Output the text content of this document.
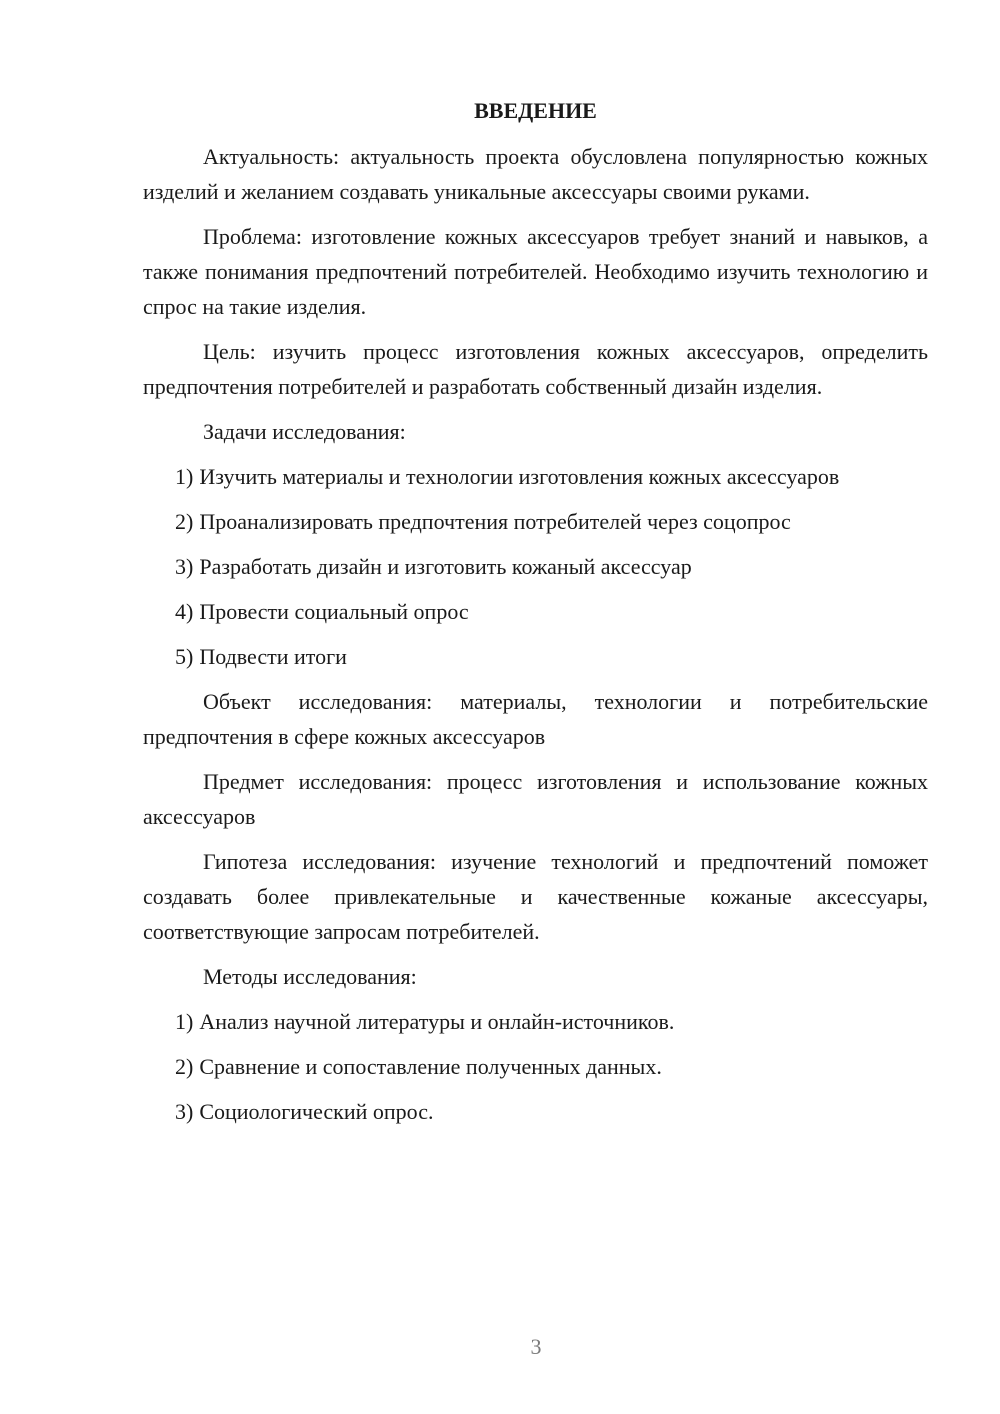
ВВЕДЕНИЕ

Актуальность: актуальность проекта обусловлена популярностью кожных изделий и желанием создавать уникальные аксессуары своими руками.

Проблема: изготовление кожных аксессуаров требует знаний и навыков, а также понимания предпочтений потребителей. Необходимо изучить технологию и спрос на такие изделия.

Цель: изучить процесс изготовления кожных аксессуаров, определить предпочтения потребителей и разработать собственный дизайн изделия.

Задачи исследования:

1) Изучить материалы и технологии изготовления кожных аксессуаров
2) Проанализировать предпочтения потребителей через соцопрос
3) Разработать дизайн и изготовить кожаный аксессуар
4) Провести социальный опрос
5) Подвести итоги

Объект исследования: материалы, технологии и потребительские предпочтения в сфере кожных аксессуаров

Предмет исследования: процесс изготовления и использование кожных аксессуаров

Гипотеза исследования: изучение технологий и предпочтений поможет создавать более привлекательные и качественные кожаные аксессуары, соответствующие запросам потребителей.

Методы исследования:

1) Анализ научной литературы и онлайн-источников.
2) Сравнение и сопоставление полученных данных.
3) Социологический опрос.
3
